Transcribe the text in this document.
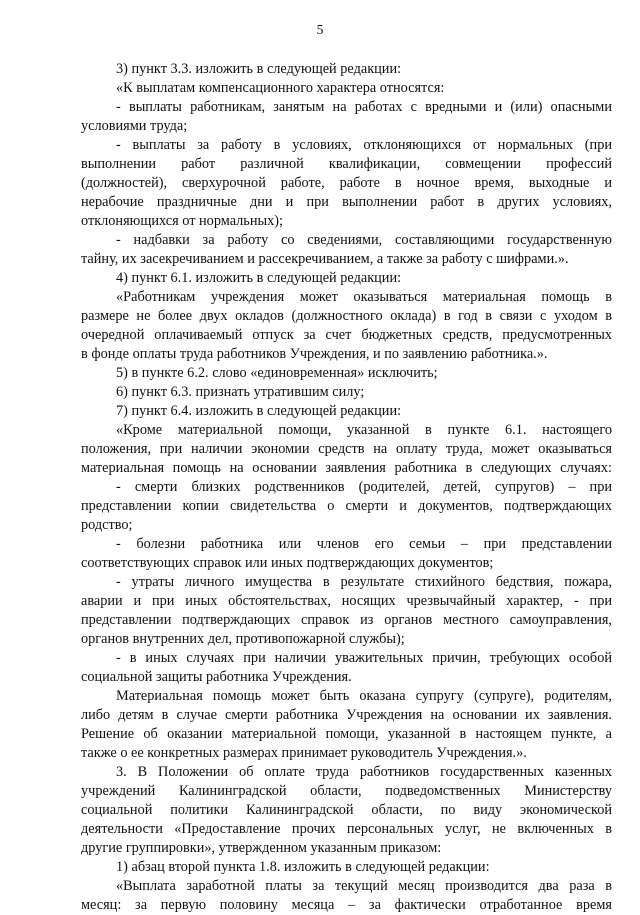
5
3) пункт 3.3. изложить в следующей редакции:
«К выплатам компенсационного характера относятся:
- выплаты работникам, занятым на работах с вредными и (или) опасными
условиями труда;
- выплаты за работу в условиях, отклоняющихся от нормальных (при
выполнении работ различной квалификации, совмещении профессий
(должностей), сверхурочной работе, работе в ночное время, выходные и
нерабочие праздничные дни и при выполнении работ в других условиях,
отклоняющихся от нормальных);
- надбавки за работу со сведениями, составляющими государственную
тайну, их засекречиванием и рассекречиванием, а также за работу с шифрами.».
4) пункт 6.1. изложить в следующей редакции:
«Работникам учреждения может оказываться материальная помощь в
размере не более двух окладов (должностного оклада) в год в связи с уходом в
очередной оплачиваемый отпуск за счет бюджетных средств, предусмотренных
в фонде оплаты труда работников Учреждения, и по заявлению работника.».
5) в пункте 6.2. слово «единовременная» исключить;
6) пункт 6.3. признать утратившим силу;
7) пункт 6.4. изложить в следующей редакции:
«Кроме материальной помощи, указанной в пункте 6.1. настоящего
положения, при наличии экономии средств на оплату труда, может оказываться
материальная помощь на основании заявления работника в следующих случаях:
- смерти близких родственников (родителей, детей, супругов) – при
представлении копии свидетельства о смерти и документов, подтверждающих
родство;
- болезни работника или членов его семьи – при представлении
соответствующих справок или иных подтверждающих документов;
- утраты личного имущества в результате стихийного бедствия, пожара,
аварии и при иных обстоятельствах, носящих чрезвычайный характер, - при
представлении подтверждающих справок из органов местного самоуправления,
органов внутренних дел, противопожарной службы);
- в иных случаях при наличии уважительных причин, требующих особой
социальной защиты работника Учреждения.
Материальная помощь может быть оказана супругу (супруге), родителям,
либо детям в случае смерти работника Учреждения на основании их заявления.
Решение об оказании материальной помощи, указанной в настоящем пункте, а
также о ее конкретных размерах принимает руководитель Учреждения.».
3. В Положении об оплате труда работников государственных казенных
учреждений Калининградской области, подведомственных Министерству
социальной политики Калининградской области, по виду экономической
деятельности «Предоставление прочих персональных услуг, не включенных в
другие группировки», утвержденном указанным приказом:
1) абзац второй пункта 1.8. изложить в следующей редакции:
«Выплата заработной платы за текущий месяц производится два раза в
месяц: за первую половину месяца – за фактически отработанное время
